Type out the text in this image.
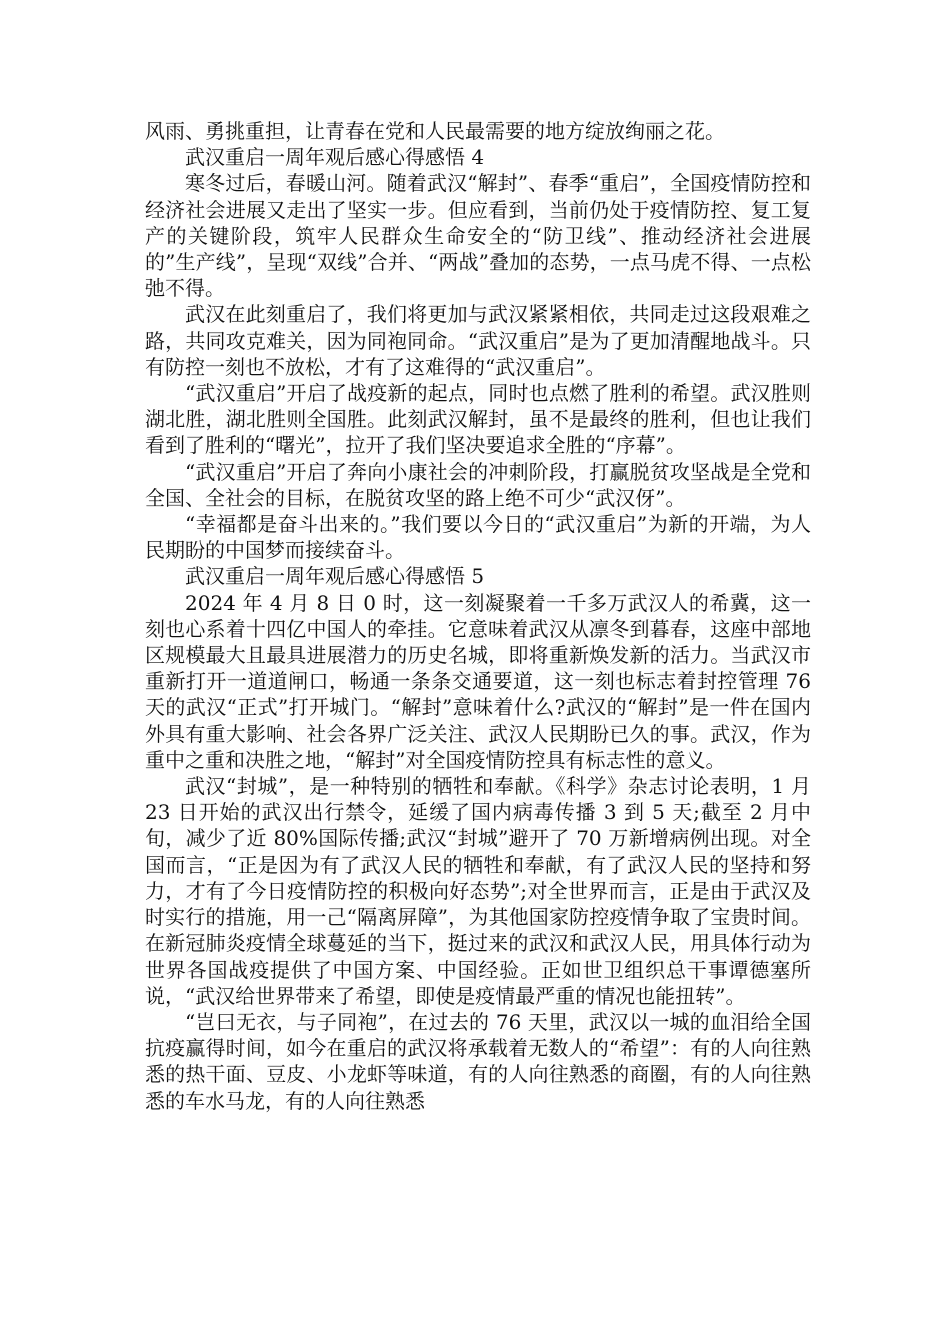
风雨、勇挑重担，让青春在党和人民最需要的地方绽放绚丽之花。

武汉重启一周年观后感心得感悟 4

寒冬过后，春暖山河。随着武汉“解封”、春季“重启”，全国疫情防控和经济社会进展又走出了坚实一步。但应看到，当前仍处于疫情防控、复工复产的关键阶段，筑牢人民群众生命安全的“防卫线”、推动经济社会进展的”生产线”，呈现“双线”合并、“两战”叠加的态势，一点马虎不得、一点松弛不得。

武汉在此刻重启了，我们将更加与武汉紧紧相依，共同走过这段艰难之路，共同攻克难关，因为同袍同命。“武汉重启”是为了更加清醒地战斗。只有防控一刻也不放松，才有了这难得的“武汉重启”。

“武汉重启”开启了战疫新的起点，同时也点燃了胜利的希望。武汉胜则湖北胜，湖北胜则全国胜。此刻武汉解封，虽不是最终的胜利，但也让我们看到了胜利的“曙光”，拉开了我们坚决要追求全胜的“序幕”。

“武汉重启”开启了奔向小康社会的冲刺阶段，打赢脱贫攻坚战是全党和全国、全社会的目标，在脱贫攻坚的路上绝不可少“武汉伢”。

“幸福都是奋斗出来的。”我们要以今日的“武汉重启”为新的开端，为人民期盼的中国梦而接续奋斗。

武汉重启一周年观后感心得感悟 5

2024 年 4 月 8 日 0 时，这一刻凝聚着一千多万武汉人的希冀，这一刻也心系着十四亿中国人的牵挂。它意味着武汉从凛冬到暮春，这座中部地区规模最大且最具进展潜力的历史名城，即将重新焕发新的活力。当武汉市重新打开一道道闸口，畅通一条条交通要道，这一刻也标志着封控管理 76 天的武汉“正式”打开城门。“解封”意味着什么?武汉的“解封”是一件在国内外具有重大影响、社会各界广泛关注、武汉人民期盼已久的事。武汉，作为重中之重和决胜之地，“解封”对全国疫情防控具有标志性的意义。

武汉“封城”，是一种特别的牺牲和奉献。《科学》杂志讨论表明，1 月 23 日开始的武汉出行禁令，延缓了国内病毒传播 3 到 5 天;截至 2 月中旬，减少了近 80%国际传播;武汉“封城”避开了 70 万新增病例出现。对全国而言，“正是因为有了武汉人民的牺牲和奉献，有了武汉人民的坚持和努力，才有了今日疫情防控的积极向好态势”;对全世界而言，正是由于武汉及时实行的措施，用一己“隔离屏障”，为其他国家防控疫情争取了宝贵时间。在新冠肺炎疫情全球蔓延的当下，挺过来的武汉和武汉人民，用具体行动为世界各国战疫提供了中国方案、中国经验。正如世卫组织总干事谭德塞所说，“武汉给世界带来了希望，即使是疫情最严重的情况也能扭转”。

“岂曰无衣，与子同袍”，在过去的 76 天里，武汉以一城的血泪给全国抗疫赢得时间，如今在重启的武汉将承载着无数人的“希望”：有的人向往熟悉的热干面、豆皮、小龙虾等味道，有的人向往熟悉的商圈，有的人向往熟悉的车水马龙，有的人向往熟悉
